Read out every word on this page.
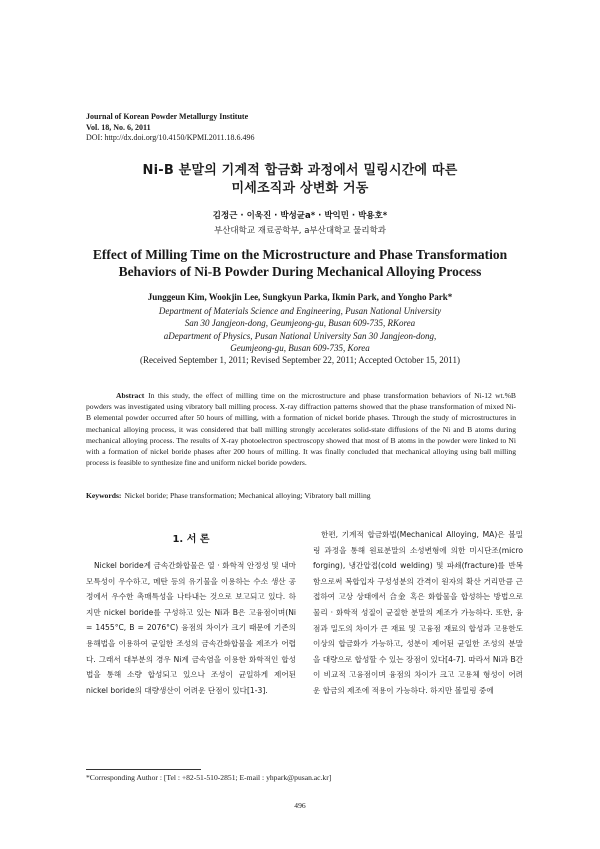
Journal of Korean Powder Metallurgy Institute
Vol. 18, No. 6, 2011
DOI: http://dx.doi.org/10.4150/KPMI.2011.18.6.496
Ni-B 분말의 기계적 합금화 과정에서 밀링시간에 따른
미세조직과 상변화 거동
김정근 · 이욱진 · 박성균a* · 박익민 · 박용호*
부산대학교 재료공학부, a부산대학교 물리학과
Effect of Milling Time on the Microstructure and Phase Transformation
Behaviors of Ni-B Powder During Mechanical Alloying Process
Junggeun Kim, Wookjin Lee, Sungkyun Parka, Ikmin Park, and Yongho Park*
Department of Materials Science and Engineering, Pusan National University
San 30 Jangjeon-dong, Geumjeong-gu, Busan 609-735, RKorea
aDepartment of Physics, Pusan National University San 30 Jangjeon-dong,
Geumjeong-gu, Busan 609-735, Korea
(Received September 1, 2011; Revised September 22, 2011; Accepted October 15, 2011)
Abstract In this study, the effect of milling time on the microstructure and phase transformation behaviors of Ni-12 wt.%B powders was investigated using vibratory ball milling process. X-ray diffraction patterns showed that the phase transformation of mixed Ni-B elemental powder occurred after 50 hours of milling, with a formation of nickel boride phases. Through the study of microstructures in mechanical alloying process, it was considered that ball milling strongly accelerates solid-state diffusions of the Ni and B atoms during mechanical alloying process. The results of X-ray photoelectron spectroscopy showed that most of B atoms in the powder were linked to Ni with a formation of nickel boride phases after 200 hours of milling. It was finally concluded that mechanical alloying using ball milling process is feasible to synthesize fine and uniform nickel boride powders.
Keywords: Nickel boride; Phase transformation; Mechanical alloying; Vibratory ball milling
1. 서 론
Nickel boride계 금속간화합물은 열 · 화학적 안정성 및 내마모특성이 우수하고, 메탄 등의 유기물을 이용하는 수소 생산 공정에서 우수한 촉매특성을 나타내는 것으로 보고되고 있다. 하지만 nickel boride를 구성하고 있는 Ni과 B은 고융점이며(Ni = 1455°C, B = 2076°C) 융점의 차이가 크기 때문에 기존의 용해법을 이용하여 균일한 조성의 금속간화합물을 제조가 어렵다. 그래서 대부분의 경우 Ni계 금속염을 이용한 화학적인 합성법을 통해 소량 합성되고 있으나 조성이 균일하게 제어된 nickel boride의 대량생산이 어려운 단점이 있다[1-3].
한편, 기계적 합금화법(Mechanical Alloying, MA)은 볼밀링 과정을 통해 원료분말의 소성변형에 의한 미시단조(micro forging), 냉간압접(cold welding) 및 파쇄(fracture)를 반복함으로써 복합입자 구성성분의 간격이 원자의 확산 거리만큼 근접하여 고상 상태에서 合金 혹은 화합물을 합성하는 방법으로 물리 · 화학적 성질이 균질한 분말의 제조가 가능하다. 또한, 융점과 밀도의 차이가 큰 재료 및 고융점 재료의 합성과 고용한도 이상의 합금화가 가능하고, 성분이 제어된 균일한 조성의 분말을 대량으로 합성할 수 있는 장점이 있다[4-7]. 따라서 Ni과 B간이 비교적 고융점이며 융점의 차이가 크고 고용체 형성이 어려운 합금의 제조에 적용이 가능하다. 하지만 볼밀링 중에
*Corresponding Author : [Tel : +82-51-510-2851; E-mail : yhpark@pusan.ac.kr]
496
